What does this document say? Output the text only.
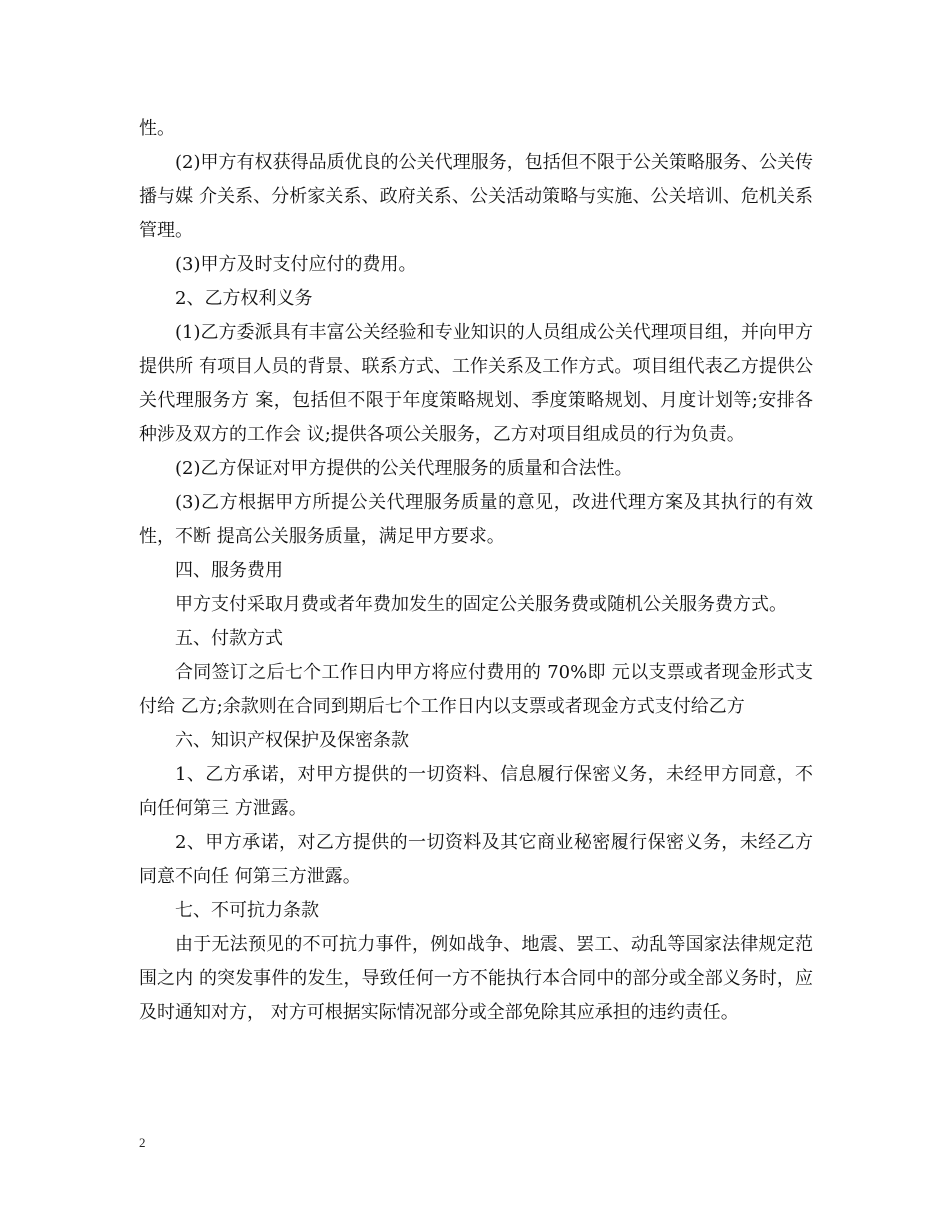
性。

(2)甲方有权获得品质优良的公关代理服务，包括但不限于公关策略服务、公关传播与媒 介关系、分析家关系、政府关系、公关活动策略与实施、公关培训、危机关系管理。

(3)甲方及时支付应付的费用。

2、乙方权利义务

(1)乙方委派具有丰富公关经验和专业知识的人员组成公关代理项目组，并向甲方提供所 有项目人员的背景、联系方式、工作关系及工作方式。项目组代表乙方提供公关代理服务方 案，包括但不限于年度策略规划、季度策略规划、月度计划等;安排各种涉及双方的工作会 议;提供各项公关服务，乙方对项目组成员的行为负责。

(2)乙方保证对甲方提供的公关代理服务的质量和合法性。

(3)乙方根据甲方所提公关代理服务质量的意见，改进代理方案及其执行的有效性，不断 提高公关服务质量，满足甲方要求。

四、服务费用

甲方支付采取月费或者年费加发生的固定公关服务费或随机公关服务费方式。

五、付款方式

合同签订之后七个工作日内甲方将应付费用的 70%即 元以支票或者现金形式支付给 乙方;余款则在合同到期后七个工作日内以支票或者现金方式支付给乙方

六、知识产权保护及保密条款

1、乙方承诺，对甲方提供的一切资料、信息履行保密义务，未经甲方同意，不向任何第三 方泄露。

2、甲方承诺，对乙方提供的一切资料及其它商业秘密履行保密义务，未经乙方同意不向任 何第三方泄露。

七、不可抗力条款

由于无法预见的不可抗力事件，例如战争、地震、罢工、动乱等国家法律规定范围之内 的突发事件的发生，导致任何一方不能执行本合同中的部分或全部义务时，应及时通知对方， 对方可根据实际情况部分或全部免除其应承担的违约责任。

2
